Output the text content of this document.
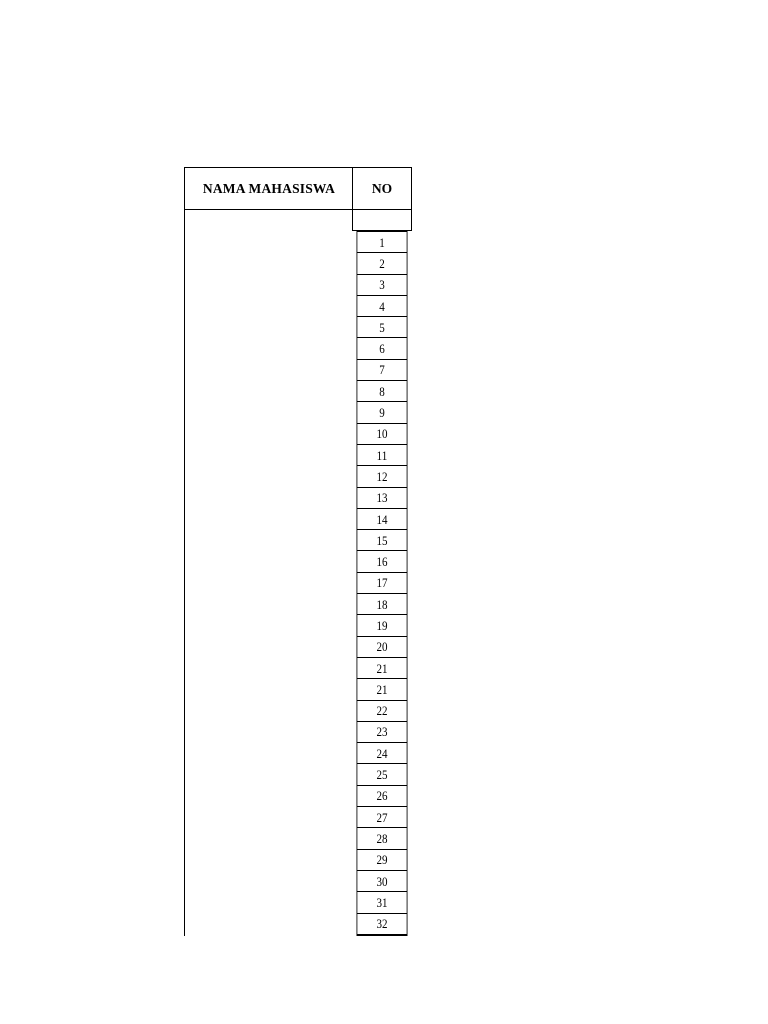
NAMA MAHASISWA	NO
1
2
3
4
5
6
7
8
9
10
11
12
13
14
15
16
17
18
19
20
21
21
22
23
24
25
26
27
28
29
30
31
32
